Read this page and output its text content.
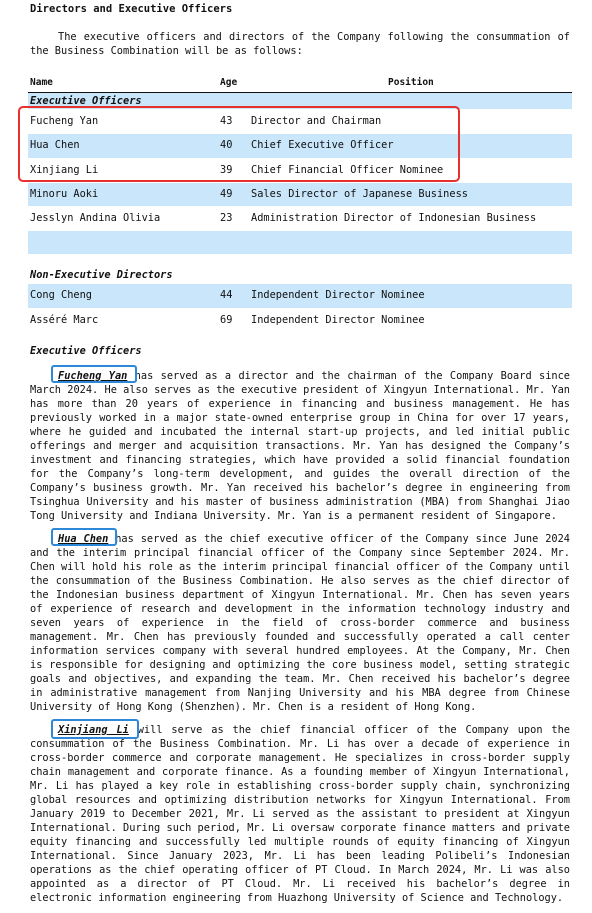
Directors and Executive Officers

The executive officers and directors of the Company following the consummation of the Business Combination will be as follows:

Name	Age	Position
Executive Officers
Fucheng Yan	43 Director and Chairman
Hua Chen	40 Chief Executive Officer
Xinjiang Li	39 Chief Financial Officer Nominee
Minoru Aoki	49 Sales Director of Japanese Business
Jesslyn Andina Olivia	23 Administration Director of Indonesian Business
Non-Executive Directors
Cong Cheng	44 Independent Director Nominee
Asséré Marc	69 Independent Director Nominee
Executive Officers

Fucheng Yan has served as a director and the chairman of the Company Board since March 2024. He also serves as the executive president of Xingyun International. Mr. Yan has more than 20 years of experience in financing and business management. He has previously worked in a major state-owned enterprise group in China for over 17 years, where he guided and incubated the internal start-up projects, and led initial public offerings and merger and acquisition transactions. Mr. Yan has designed the Company’s investment and financing strategies, which have provided a solid financial foundation for the Company’s long-term development, and guides the overall direction of the Company’s business growth. Mr. Yan received his bachelor’s degree in engineering from Tsinghua University and his master of business administration (MBA) from Shanghai Jiao Tong University and Indiana University. Mr. Yan is a permanent resident of Singapore.

Hua Chen has served as the chief executive officer of the Company since June 2024 and the interim principal financial officer of the Company since September 2024. Mr. Chen will hold his role as the interim principal financial officer of the Company until the consummation of the Business Combination. He also serves as the chief director of the Indonesian business department of Xingyun International. Mr. Chen has seven years of experience of research and development in the information technology industry and seven years of experience in the field of cross-border commerce and business management. Mr. Chen has previously founded and successfully operated a call center information services company with several hundred employees. At the Company, Mr. Chen is responsible for designing and optimizing the core business model, setting strategic goals and objectives, and expanding the team. Mr. Chen received his bachelor’s degree in administrative management from Nanjing University and his MBA degree from Chinese University of Hong Kong (Shenzhen). Mr. Chen is a resident of Hong Kong.

Xinjiang Li will serve as the chief financial officer of the Company upon the consummation of the Business Combination. Mr. Li has over a decade of experience in cross-border commerce and corporate management. He specializes in cross-border supply chain management and corporate finance. As a founding member of Xingyun International, Mr. Li has played a key role in establishing cross-border supply chain, synchronizing global resources and optimizing distribution networks for Xingyun International. From January 2019 to December 2021, Mr. Li served as the assistant to president at Xingyun International. During such period, Mr. Li oversaw corporate finance matters and private equity financing and successfully led multiple rounds of equity financing of Xingyun International. Since January 2023, Mr. Li has been leading Polibeli’s Indonesian operations as the chief operating officer of PT Cloud. In March 2024, Mr. Li was also appointed as a director of PT Cloud. Mr. Li received his bachelor’s degree in electronic information engineering from Huazhong University of Science and Technology.
